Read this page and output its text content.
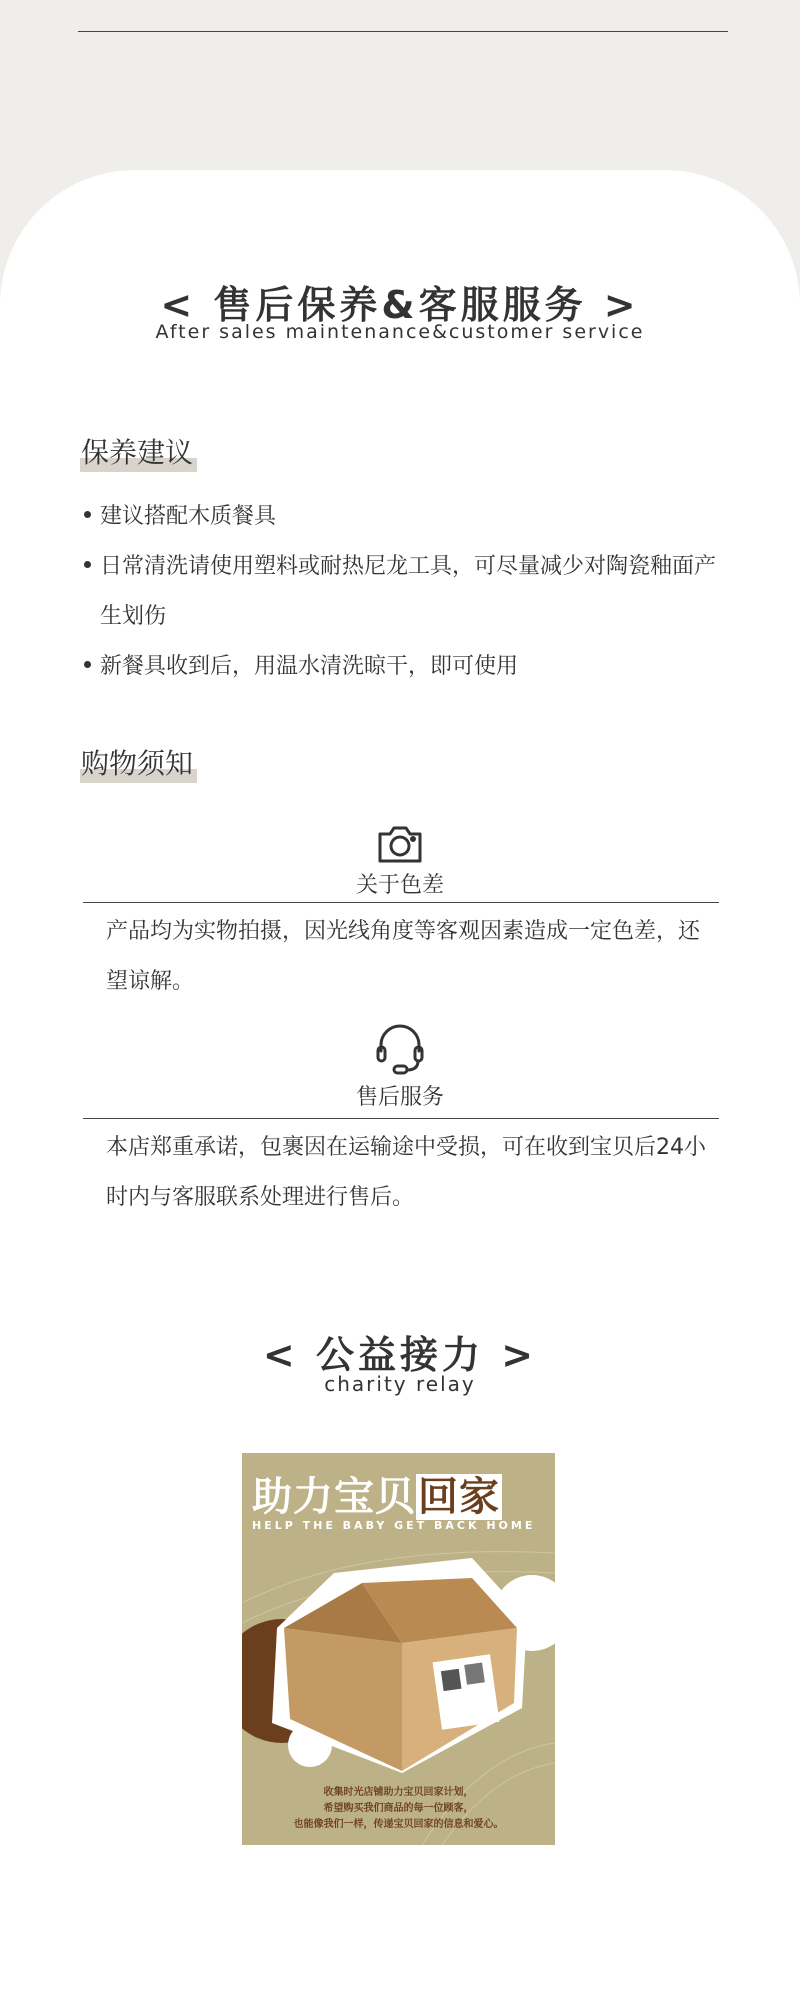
< 售后保养&客服服务 >
After sales maintenance&customer service
保养建议
建议搭配木质餐具
日常清洗请使用塑料或耐热尼龙工具，可尽量减少对陶瓷釉面产生划伤
新餐具收到后，用温水清洗晾干，即可使用
购物须知
关于色差
产品均为实物拍摄，因光线角度等客观因素造成一定色差，还望谅解。
售后服务
本店郑重承诺，包裹因在运输途中受损，可在收到宝贝后24小时内与客服联系处理进行售后。
< 公益接力 >
charity relay
助力宝贝回家
HELP THE BABY GET BACK HOME
收集时光店铺助力宝贝回家计划，
希望购买我们商品的每一位顾客，
也能像我们一样，传递宝贝回家的信息和爱心。
